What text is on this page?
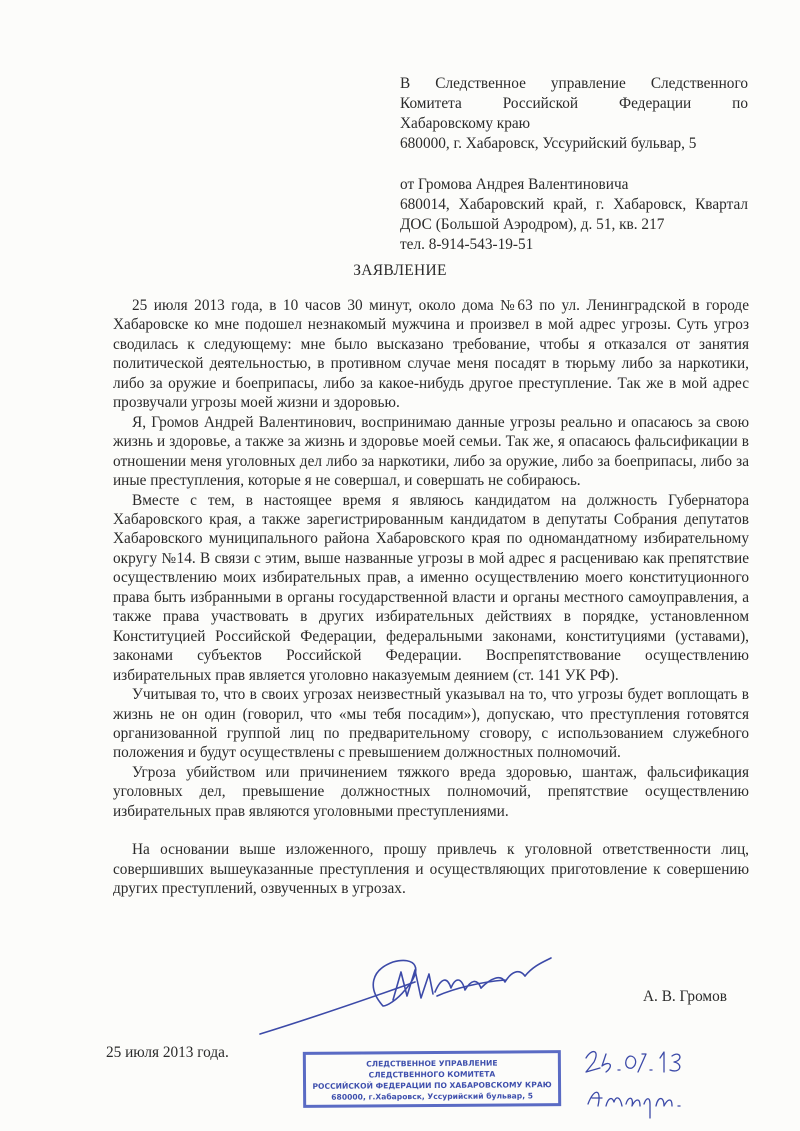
В Следственное управление Следственного
Комитета Российской Федерации по
Хабаровскому краю
680000, г. Хабаровск, Уссурийский бульвар, 5
от Громова Андрея Валентиновича
680014, Хабаровский край, г. Хабаровск, Квартал
ДОС (Большой Аэродром), д. 51, кв. 217
тел. 8-914-543-19-51
ЗАЯВЛЕНИЕ

25 июля 2013 года, в 10 часов 30 минут, около дома №63 по ул. Ленинградской в городе Хабаровске ко мне подошел незнакомый мужчина и произвел в мой адрес угрозы. Суть угроз сводилась к следующему: мне было высказано требование, чтобы я отказался от занятия политической деятельностью, в противном случае меня посадят в тюрьму либо за наркотики, либо за оружие и боеприпасы, либо за какое-нибудь другое преступление. Так же в мой адрес прозвучали угрозы моей жизни и здоровью.

Я, Громов Андрей Валентинович, воспринимаю данные угрозы реально и опасаюсь за свою жизнь и здоровье, а также за жизнь и здоровье моей семьи. Так же, я опасаюсь фальсификации в отношении меня уголовных дел либо за наркотики, либо за оружие, либо за боеприпасы, либо за иные преступления, которые я не совершал, и совершать не собираюсь.

Вместе с тем, в настоящее время я являюсь кандидатом на должность Губернатора Хабаровского края, а также зарегистрированным кандидатом в депутаты Собрания депутатов Хабаровского муниципального района Хабаровского края по одномандатному избирательному округу №14. В связи с этим, выше названные угрозы в мой адрес я расцениваю как препятствие осуществлению моих избирательных прав, а именно осуществлению моего конституционного права быть избранными в органы государственной власти и органы местного самоуправления, а также права участвовать в других избирательных действиях в порядке, установленном Конституцией Российской Федерации, федеральными законами, конституциями (уставами), законами субъектов Российской Федерации. Воспрепятствование осуществлению избирательных прав является уголовно наказуемым деянием (ст. 141 УК РФ).

Учитывая то, что в своих угрозах неизвестный указывал на то, что угрозы будет воплощать в жизнь не он один (говорил, что «мы тебя посадим»), допускаю, что преступления готовятся организованной группой лиц по предварительному сговору, с использованием служебного положения и будут осуществлены с превышением должностных полномочий.

Угроза убийством или причинением тяжкого вреда здоровью, шантаж, фальсификация уголовных дел, превышение должностных полномочий, препятствие осуществлению избирательных прав являются уголовными преступлениями.

На основании выше изложенного, прошу привлечь к уголовной ответственности лиц, совершивших вышеуказанные преступления и осуществляющих приготовление к совершению других преступлений, озвученных в угрозах.

А. В. Громов
25 июля 2013 года.
СЛЕДСТВЕННОЕ УПРАВЛЕНИЕ
СЛЕДСТВЕННОГО КОМИТЕТА
РОССИЙСКОЙ ФЕДЕРАЦИИ ПО ХАБАРОВСКОМУ КРАЮ
680000, г.Хабаровск, Уссурийский бульвар, 5
